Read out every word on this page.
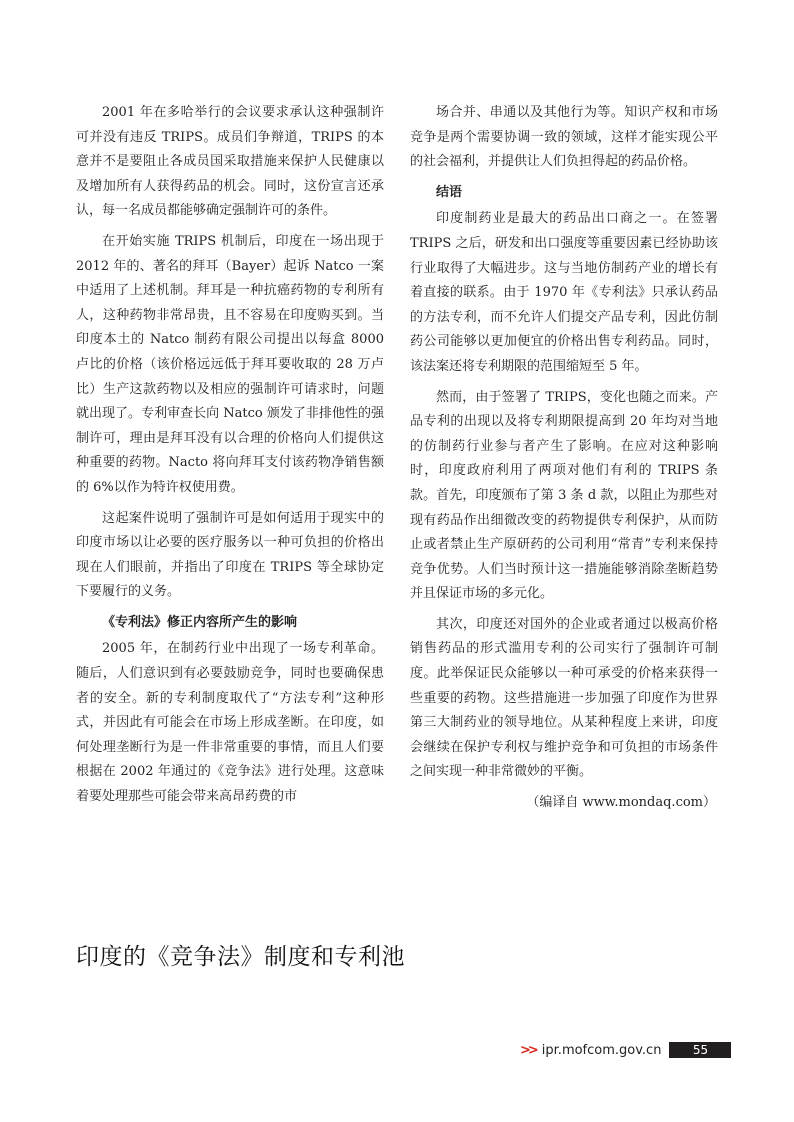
2001 年在多哈举行的会议要求承认这种强制许可并没有违反 TRIPS。成员们争辩道，TRIPS 的本意并不是要阻止各成员国采取措施来保护人民健康以及增加所有人获得药品的机会。同时，这份宣言还承认，每一名成员都能够确定强制许可的条件。

在开始实施 TRIPS 机制后，印度在一场出现于 2012 年的、著名的拜耳（Bayer）起诉 Natco 一案中适用了上述机制。拜耳是一种抗癌药物的专利所有人，这种药物非常昂贵，且不容易在印度购买到。当印度本土的 Natco 制药有限公司提出以每盒 8000 卢比的价格（该价格远远低于拜耳要收取的 28 万卢比）生产这款药物以及相应的强制许可请求时，问题就出现了。专利审查长向 Natco 颁发了非排他性的强制许可，理由是拜耳没有以合理的价格向人们提供这种重要的药物。Nacto 将向拜耳支付该药物净销售额的 6%以作为特许权使用费。

这起案件说明了强制许可是如何适用于现实中的印度市场以让必要的医疗服务以一种可负担的价格出现在人们眼前，并指出了印度在 TRIPS 等全球协定下要履行的义务。

《专利法》修正内容所产生的影响

2005 年，在制药行业中出现了一场专利革命。随后，人们意识到有必要鼓励竞争，同时也要确保患者的安全。新的专利制度取代了“方法专利”这种形式，并因此有可能会在市场上形成垄断。在印度，如何处理垄断行为是一件非常重要的事情，而且人们要根据在 2002 年通过的《竞争法》进行处理。这意味着要处理那些可能会带来高昂药费的市

场合并、串通以及其他行为等。知识产权和市场竞争是两个需要协调一致的领域，这样才能实现公平的社会福利，并提供让人们负担得起的药品价格。

结语

印度制药业是最大的药品出口商之一。在签署 TRIPS 之后，研发和出口强度等重要因素已经协助该行业取得了大幅进步。这与当地仿制药产业的增长有着直接的联系。由于 1970 年《专利法》只承认药品的方法专利，而不允许人们提交产品专利，因此仿制药公司能够以更加便宜的价格出售专利药品。同时，该法案还将专利期限的范围缩短至 5 年。

然而，由于签署了 TRIPS，变化也随之而来。产品专利的出现以及将专利期限提高到 20 年均对当地的仿制药行业参与者产生了影响。在应对这种影响时，印度政府利用了两项对他们有利的 TRIPS 条款。首先，印度颁布了第 3 条 d 款，以阻止为那些对现有药品作出细微改变的药物提供专利保护，从而防止或者禁止生产原研药的公司利用“常青”专利来保持竞争优势。人们当时预计这一措施能够消除垄断趋势并且保证市场的多元化。

其次，印度还对国外的企业或者通过以极高价格销售药品的形式滥用专利的公司实行了强制许可制度。此举保证民众能够以一种可承受的价格来获得一些重要的药物。这些措施进一步加强了印度作为世界第三大制药业的领导地位。从某种程度上来讲，印度会继续在保护专利权与维护竞争和可负担的市场条件之间实现一种非常微妙的平衡。

（编译自 www.mondaq.com）

印度的《竞争法》制度和专利池
>> ipr.mofcom.gov.cn	55
